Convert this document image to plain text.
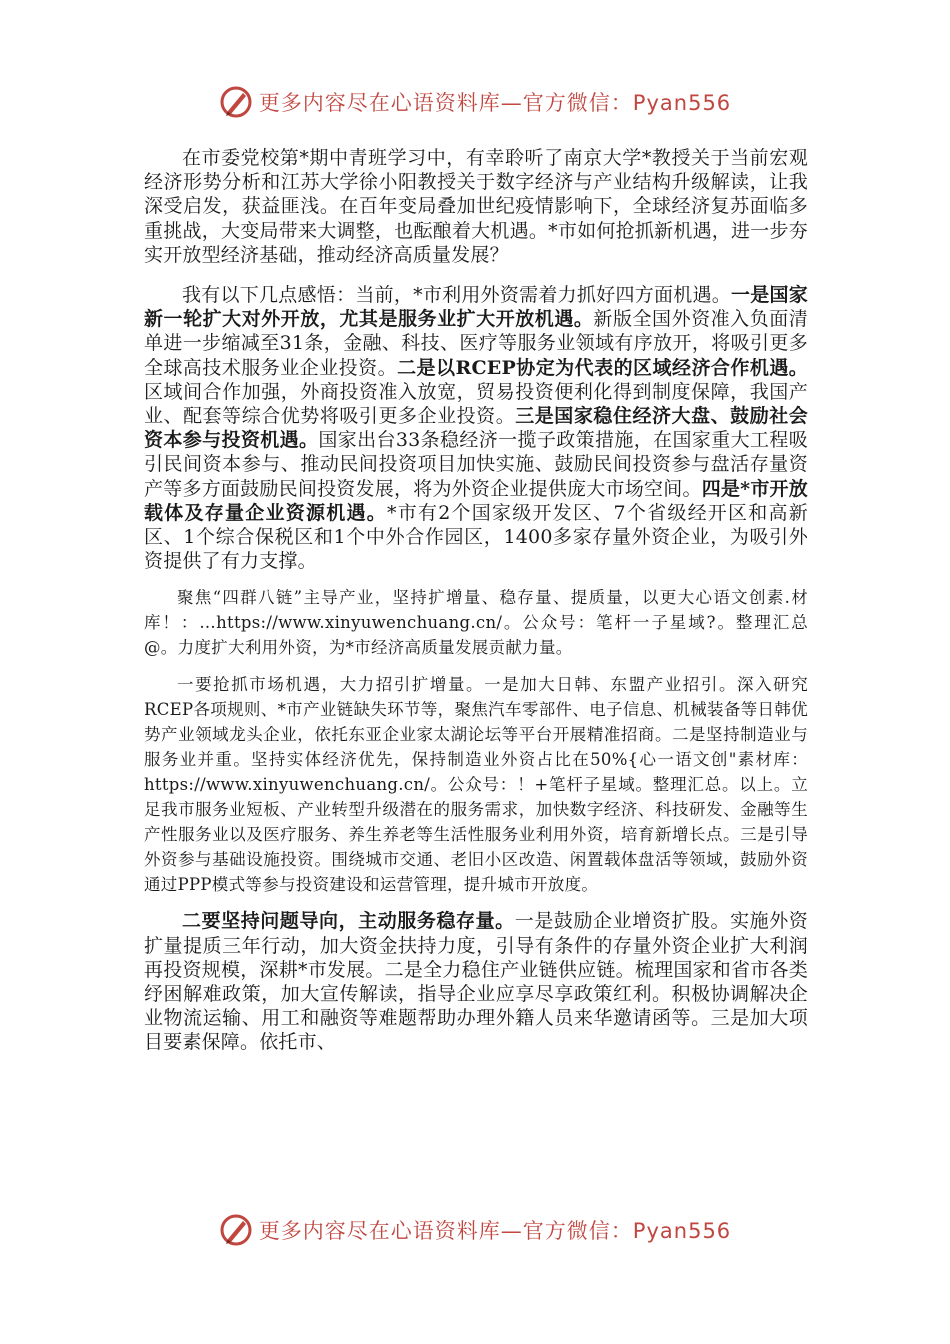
更多内容尽在心语资料库—官方微信：Pyan556

在市委党校第*期中青班学习中，有幸聆听了南京大学*教授关于当前宏观经济形势分析和江苏大学徐小阳教授关于数字经济与产业结构升级解读，让我深受启发，获益匪浅。在百年变局叠加世纪疫情影响下，全球经济复苏面临多重挑战，大变局带来大调整，也酝酿着大机遇。*市如何抢抓新机遇，进一步夯实开放型经济基础，推动经济高质量发展？

我有以下几点感悟：当前，*市利用外资需着力抓好四方面机遇。一是国家新一轮扩大对外开放，尤其是服务业扩大开放机遇。新版全国外资准入负面清单进一步缩减至31条，金融、科技、医疗等服务业领域有序放开，将吸引更多全球高技术服务业企业投资。二是以RCEP协定为代表的区域经济合作机遇。区域间合作加强，外商投资准入放宽，贸易投资便利化得到制度保障，我国产业、配套等综合优势将吸引更多企业投资。三是国家稳住经济大盘、鼓励社会资本参与投资机遇。国家出台33条稳经济一揽子政策措施，在国家重大工程吸引民间资本参与、推动民间投资项目加快实施、鼓励民间投资参与盘活存量资产等多方面鼓励民间投资发展，将为外资企业提供庞大市场空间。四是*市开放载体及存量企业资源机遇。*市有2个国家级开发区、7个省级经开区和高新区、1个综合保税区和1个中外合作园区，1400多家存量外资企业，为吸引外资提供了有力支撑。

聚焦“四群八链”主导产业，坚持扩增量、稳存量、提质量，以更大心语文创素.材库！：…https://www.xinyuwenchuang.cn/。公众号：笔杆一子星域?。整理汇总@。力度扩大利用外资，为*市经济高质量发展贡献力量。

一要抢抓市场机遇，大力招引扩增量。一是加大日韩、东盟产业招引。深入研究RCEP各项规则、*市产业链缺失环节等，聚焦汽车零部件、电子信息、机械装备等日韩优势产业领域龙头企业，依托东亚企业家太湖论坛等平台开展精准招商。二是坚持制造业与服务业并重。坚持实体经济优先，保持制造业外资占比在50%{心一语文创"素材库：https://www.xinyuwenchuang.cn/。公众号：！+笔杆子星域。整理汇总。以上。立足我市服务业短板、产业转型升级潜在的服务需求，加快数字经济、科技研发、金融等生产性服务业以及医疗服务、养生养老等生活性服务业利用外资，培育新增长点。三是引导外资参与基础设施投资。围绕城市交通、老旧小区改造、闲置载体盘活等领域，鼓励外资通过PPP模式等参与投资建设和运营管理，提升城市开放度。

二要坚持问题导向，主动服务稳存量。一是鼓励企业增资扩股。实施外资扩量提质三年行动，加大资金扶持力度，引导有条件的存量外资企业扩大利润再投资规模，深耕*市发展。二是全力稳住产业链供应链。梳理国家和省市各类纾困解难政策，加大宣传解读，指导企业应享尽享政策红利。积极协调解决企业物流运输、用工和融资等难题帮助办理外籍人员来华邀请函等。三是加大项目要素保障。依托市、

更多内容尽在心语资料库—官方微信：Pyan556
